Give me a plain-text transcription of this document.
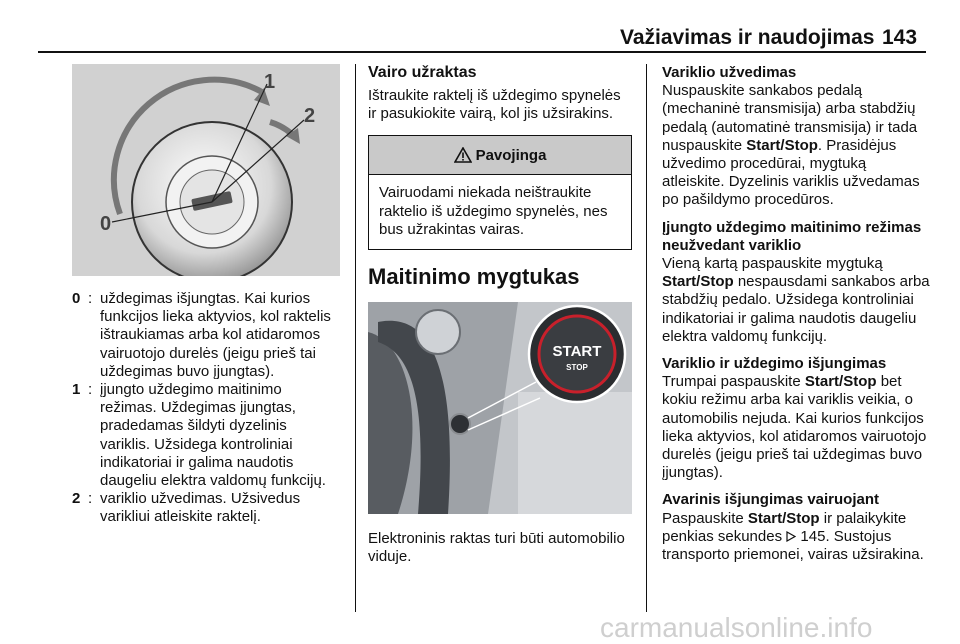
Važiavimas ir naudojimas 143
1
2
0
0 : uždegimas išjungtas. Kai kurios funkcijos lieka aktyvios, kol raktelis ištraukiamas arba kol atidaromos vairuotojo durelės (jeigu prieš tai uždegimas buvo įjungtas).
1 : įjungto uždegimo maitinimo režimas. Uždegimas įjungtas, pradedamas šildyti dyzelinis variklis. Užsidega kontroliniai indikatoriai ir galima naudotis daugeliu elektra valdomų funkcijų.
2 : variklio užvedimas. Užsivedus varikliui atleiskite raktelį.
Vairo užraktas

Ištraukite raktelį iš uždegimo spynelės ir pasukiokite vairą, kol jis užsirakins.

Pavojinga
Vairuodami niekada neištraukite raktelio iš uždegimo spynelės, nes bus užrakintas vairas.
Maitinimo mygtukas
START
STOP

Elektroninis raktas turi būti automobilio viduje.

Variklio užvedimas

Nuspauskite sankabos pedalą (mechaninė transmisija) arba stabdžių pedalą (automatinė transmisija) ir tada nuspauskite Start/Stop. Prasidėjus užvedimo procedūrai, mygtuką atleiskite. Dyzelinis variklis užvedamas po pašildymo procedūros.

Įjungto uždegimo maitinimo režimas neužvedant variklio

Vieną kartą paspauskite mygtuką Start/Stop nespausdami sankabos arba stabdžių pedalo. Užsidega kontroliniai indikatoriai ir galima naudotis daugeliu elektra valdomų funkcijų.

Variklio ir uždegimo išjungimas

Trumpai paspauskite Start/Stop bet kokiu režimu arba kai variklis veikia, o automobilis nejuda. Kai kurios funkcijos lieka aktyvios, kol atidaromos vairuotojo durelės (jeigu prieš tai uždegimas buvo įjungtas).

Avarinis išjungimas vairuojant

Paspauskite Start/Stop ir palaikykite penkias sekundes  145. Sustojus transporto priemonei, vairas užsirakina.

carmanualsonline.info
